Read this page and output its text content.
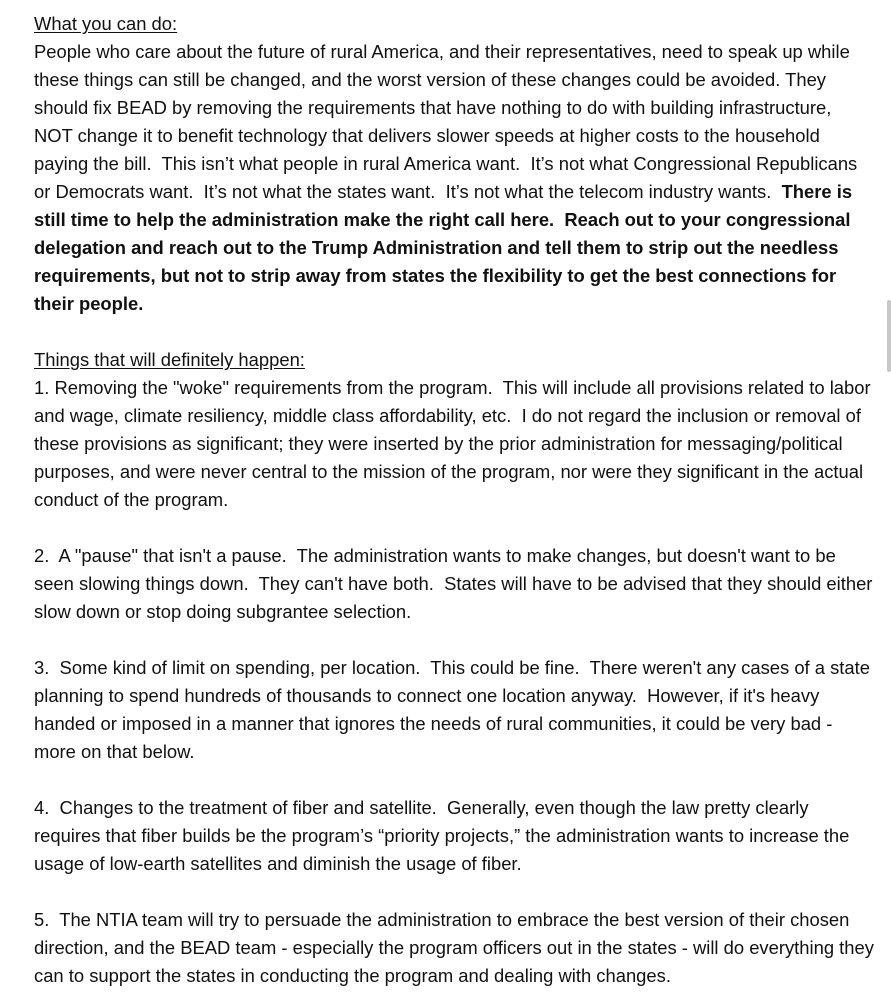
What you can do:

People who care about the future of rural America, and their representatives, need to speak up while these things can still be changed, and the worst version of these changes could be avoided. They should fix BEAD by removing the requirements that have nothing to do with building infrastructure, NOT change it to benefit technology that delivers slower speeds at higher costs to the household paying the bill.  This isn’t what people in rural America want.  It’s not what Congressional Republicans or Democrats want.  It’s not what the states want.  It’s not what the telecom industry wants.  There is still time to help the administration make the right call here.  Reach out to your congressional delegation and reach out to the Trump Administration and tell them to strip out the needless requirements, but not to strip away from states the flexibility to get the best connections for their people.

Things that will definitely happen:

1. Removing the "woke" requirements from the program.  This will include all provisions related to labor and wage, climate resiliency, middle class affordability, etc.  I do not regard the inclusion or removal of these provisions as significant; they were inserted by the prior administration for messaging/political purposes, and were never central to the mission of the program, nor were they significant in the actual conduct of the program.

2.  A "pause" that isn't a pause.  The administration wants to make changes, but doesn't want to be seen slowing things down.  They can't have both.  States will have to be advised that they should either slow down or stop doing subgrantee selection.

3.  Some kind of limit on spending, per location.  This could be fine.  There weren't any cases of a state planning to spend hundreds of thousands to connect one location anyway.  However, if it's heavy handed or imposed in a manner that ignores the needs of rural communities, it could be very bad - more on that below.

4.  Changes to the treatment of fiber and satellite.  Generally, even though the law pretty clearly requires that fiber builds be the program’s “priority projects,” the administration wants to increase the usage of low-earth satellites and diminish the usage of fiber.

5.  The NTIA team will try to persuade the administration to embrace the best version of their chosen direction, and the BEAD team - especially the program officers out in the states - will do everything they can to support the states in conducting the program and dealing with changes.
